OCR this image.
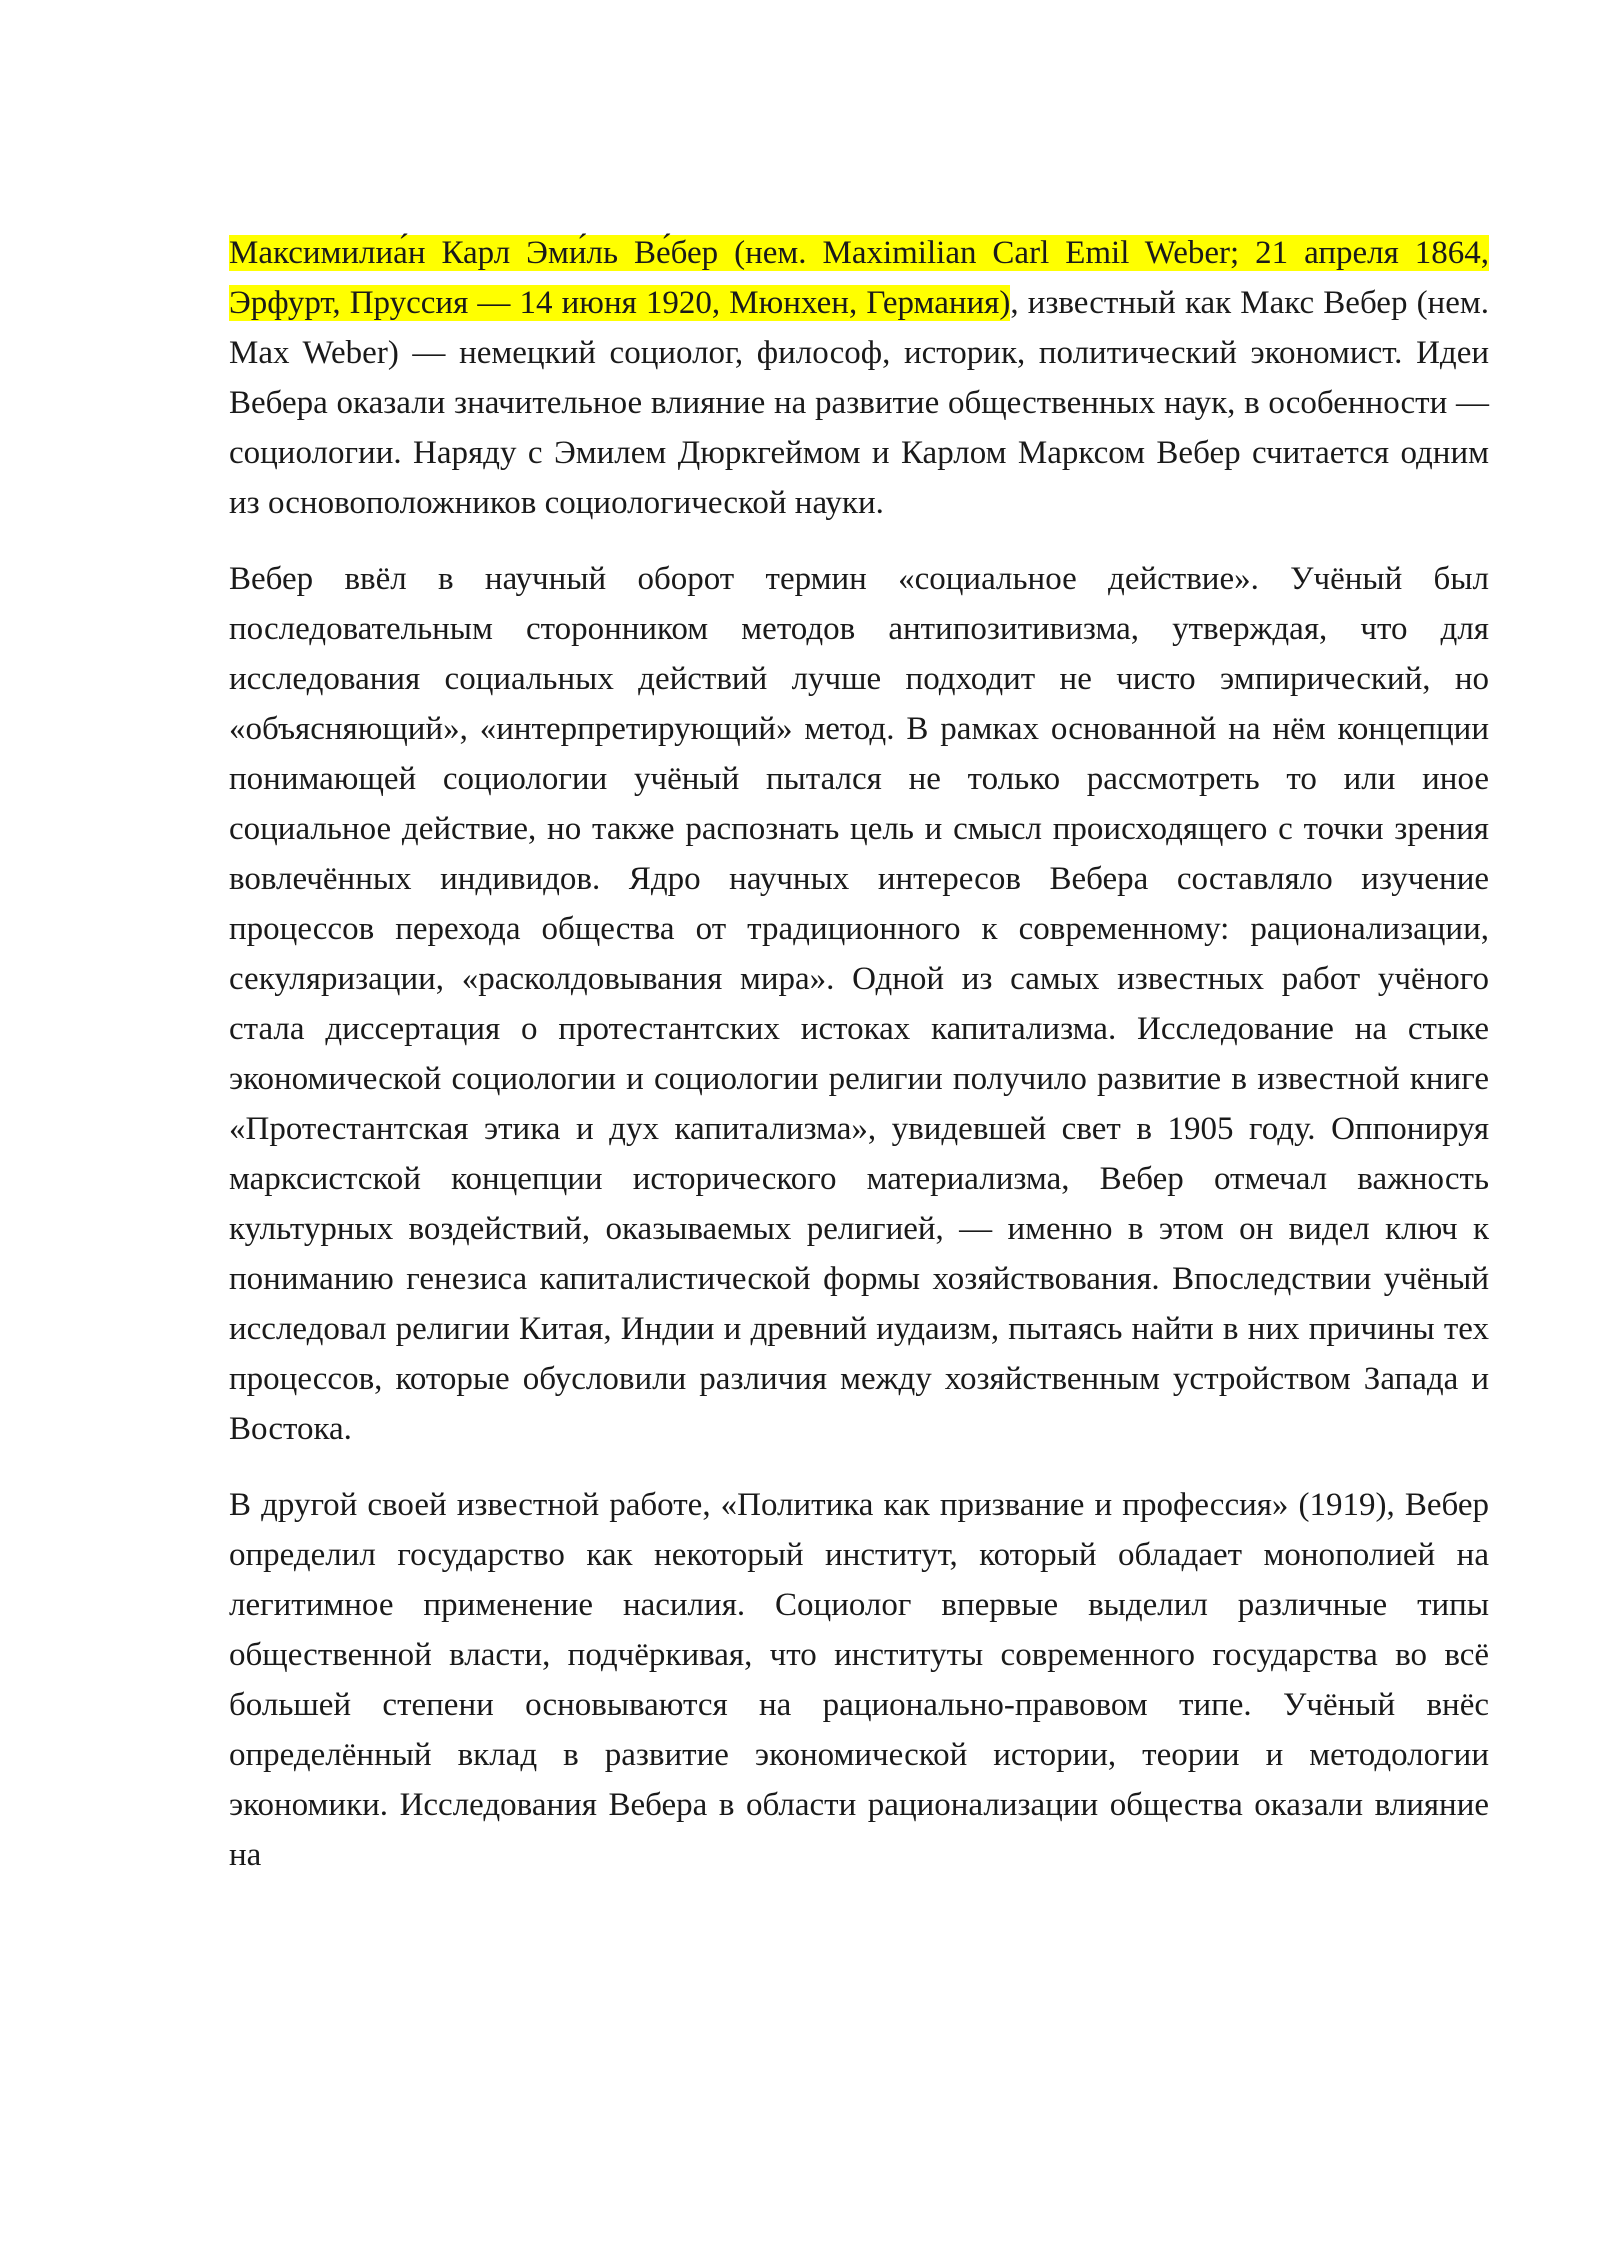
Максимилиа́н Карл Эми́ль Ве́бер (нем. Maximilian Carl Emil Weber; 21 апреля 1864, Эрфурт, Пруссия — 14 июня 1920, Мюнхен, Германия), известный как Макс Вебер (нем. Max Weber) — немецкий социолог, философ, историк, политический экономист. Идеи Вебера оказали значительное влияние на развитие общественных наук, в особенности — социологии. Наряду с Эмилем Дюркгеймом и Карлом Марксом Вебер считается одним из основоположников социологической науки.

Вебер ввёл в научный оборот термин «социальное действие». Учёный был последовательным сторонником методов антипозитивизма, утверждая, что для исследования социальных действий лучше подходит не чисто эмпирический, но «объясняющий», «интерпретирующий» метод. В рамках основанной на нём концепции понимающей социологии учёный пытался не только рассмотреть то или иное социальное действие, но также распознать цель и смысл происходящего с точки зрения вовлечённых индивидов. Ядро научных интересов Вебера составляло изучение процессов перехода общества от традиционного к современному: рационализации, секуляризации, «расколдовывания мира». Одной из самых известных работ учёного стала диссертация о протестантских истоках капитализма. Исследование на стыке экономической социологии и социологии религии получило развитие в известной книге «Протестантская этика и дух капитализма», увидевшей свет в 1905 году. Оппонируя марксистской концепции исторического материализма, Вебер отмечал важность культурных воздействий, оказываемых религией, — именно в этом он видел ключ к пониманию генезиса капиталистической формы хозяйствования. Впоследствии учёный исследовал религии Китая, Индии и древний иудаизм, пытаясь найти в них причины тех процессов, которые обусловили различия между хозяйственным устройством Запада и Востока.

В другой своей известной работе, «Политика как призвание и профессия» (1919), Вебер определил государство как некоторый институт, который обладает монополией на легитимное применение насилия. Социолог впервые выделил различные типы общественной власти, подчёркивая, что институты современного государства во всё большей степени основываются на рационально-правовом типе. Учёный внёс определённый вклад в развитие экономической истории, теории и методологии экономики. Исследования Вебера в области рационализации общества оказали влияние на
